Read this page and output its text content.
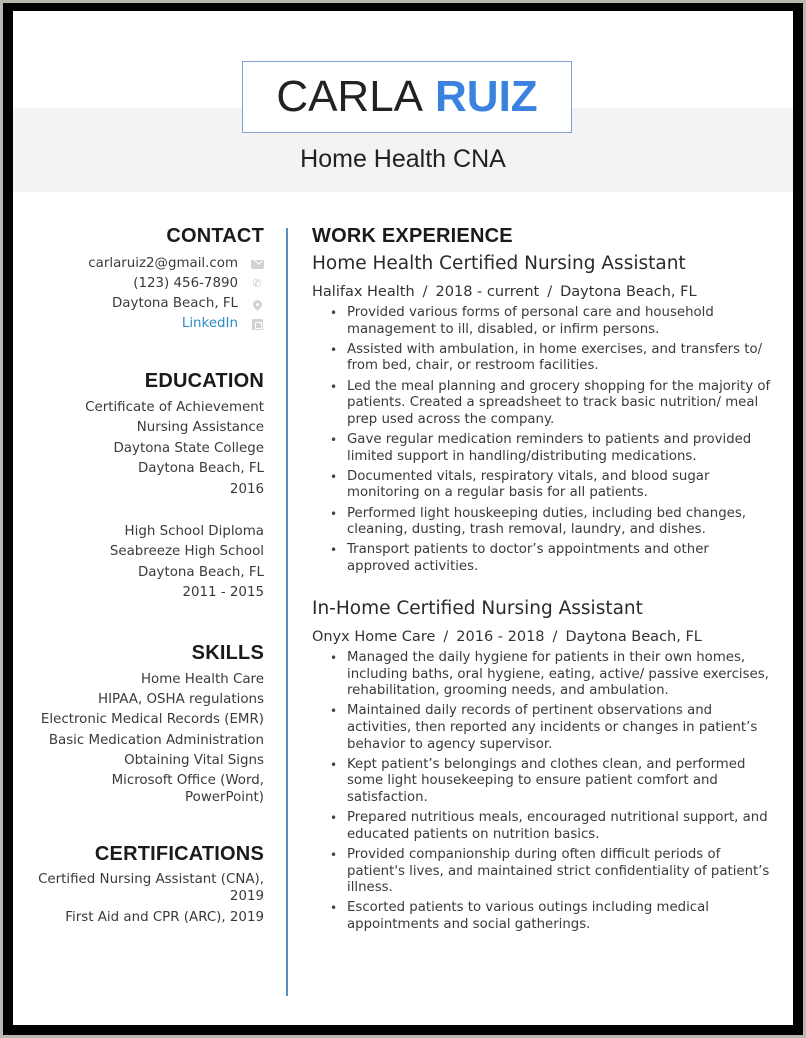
CARLA RUIZ
Home Health CNA
CONTACT
carlaruiz2@gmail.com
(123) 456-7890 ✆
Daytona Beach, FL
LinkedIn
EDUCATION
Certificate of Achievement
Nursing Assistance
Daytona State College
Daytona Beach, FL
2016
High School Diploma
Seabreeze High School
Daytona Beach, FL
2011 - 2015
SKILLS
Home Health Care
HIPAA, OSHA regulations
Electronic Medical Records (EMR)
Basic Medication Administration
Obtaining Vital Signs
Microsoft Office (Word,
PowerPoint)
CERTIFICATIONS
Certified Nursing Assistant (CNA),
2019
First Aid and CPR (ARC), 2019
WORK EXPERIENCE
Home Health Certified Nursing Assistant
Halifax Health / 2018 - current / Daytona Beach, FL
• Provided various forms of personal care and household management to ill, disabled, or infirm persons.
• Assisted with ambulation, in home exercises, and transfers to/ from bed, chair, or restroom facilities.
• Led the meal planning and grocery shopping for the majority of patients. Created a spreadsheet to track basic nutrition/ meal prep used across the company.
• Gave regular medication reminders to patients and provided limited support in handling/distributing medications.
• Documented vitals, respiratory vitals, and blood sugar monitoring on a regular basis for all patients.
• Performed light houskeeping duties, including bed changes, cleaning, dusting, trash removal, laundry, and dishes.
• Transport patients to doctor’s appointments and other approved activities.
In-Home Certified Nursing Assistant
Onyx Home Care / 2016 - 2018 / Daytona Beach, FL
• Managed the daily hygiene for patients in their own homes, including baths, oral hygiene, eating, active/ passive exercises, rehabilitation, grooming needs, and ambulation.
• Maintained daily records of pertinent observations and activities, then reported any incidents or changes in patient’s behavior to agency supervisor.
• Kept patient’s belongings and clothes clean, and performed some light housekeeping to ensure patient comfort and satisfaction.
• Prepared nutritious meals, encouraged nutritional support, and educated patients on nutrition basics.
• Provided companionship during often difficult periods of patient's lives, and maintained strict confidentiality of patient’s illness.
• Escorted patients to various outings including medical appointments and social gatherings.
